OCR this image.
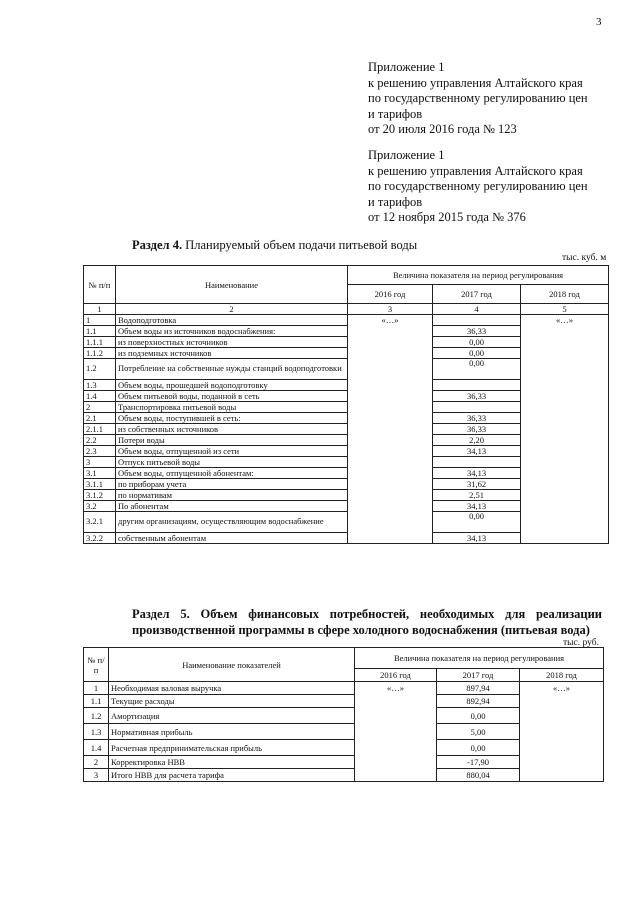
3
Приложение 1
к решению управления Алтайского края
по государственному регулированию цен
и тарифов
от 20 июля 2016 года № 123
Приложение 1
к решению управления Алтайского края
по государственному регулированию цен
и тарифов
от 12 ноября 2015 года № 376
Раздел 4. Планируемый объем подачи питьевой воды
тыс. куб. м
№ п/п	Наименование	Величина показателя на период регулирования		
		2016 год	2017 год	2018 год
1	2	3	4	5
1	Водоподготовка	«…»		«…»
1.1	Объем воды из источников водоснабжения:		36,33	
1.1.1	из поверхностных источников		0,00	
1.1.2	из подземных источников		0,00	
1.2	Потребление на собственные нужды станций водоподготовки		0,00	
1.3	Объем воды, прошедшей водоподготовку			
1.4	Объем питьевой воды, поданной в сеть		36,33	
2	Транспортировка питьевой воды			
2.1	Объем воды, поступившей в сеть:		36,33	
2.1.1	из собственных источников		36,33	
2.2	Потери воды		2,20	
2.3	Объем воды, отпущенной из сети		34,13	
3	Отпуск питьевой воды			
3.1	Объем воды, отпущенной абонентам:		34,13	
3.1.1	по приборам учета		31,62	
3.1.2	по нормативам		2,51	
3.2	По абонентам		34,13	
3.2.1	другим организациям, осуществляющим водоснабжение		0,00	
3.2.2	собственным абонентам		34,13	
Раздел 5. Объем финансовых потребностей, необходимых для реализации производственной программы в сфере холодного водоснабжения (питьевая вода)
тыс. руб.
№ п/п	Наименование показателей	Величина показателя на период регулирования		
		2016 год	2017 год	2018 год
1	Необходимая валовая выручка	«…»	897,94	«…»
1.1	Текущие расходы		892,94	
1.2	Амортизация		0,00	
1.3	Нормативная прибыль		5,00	
1.4	Расчетная предпринимательская прибыль		0,00	
2	Корректировка НВВ		-17,90	
3	Итого НВВ для расчета тарифа		880,04	
